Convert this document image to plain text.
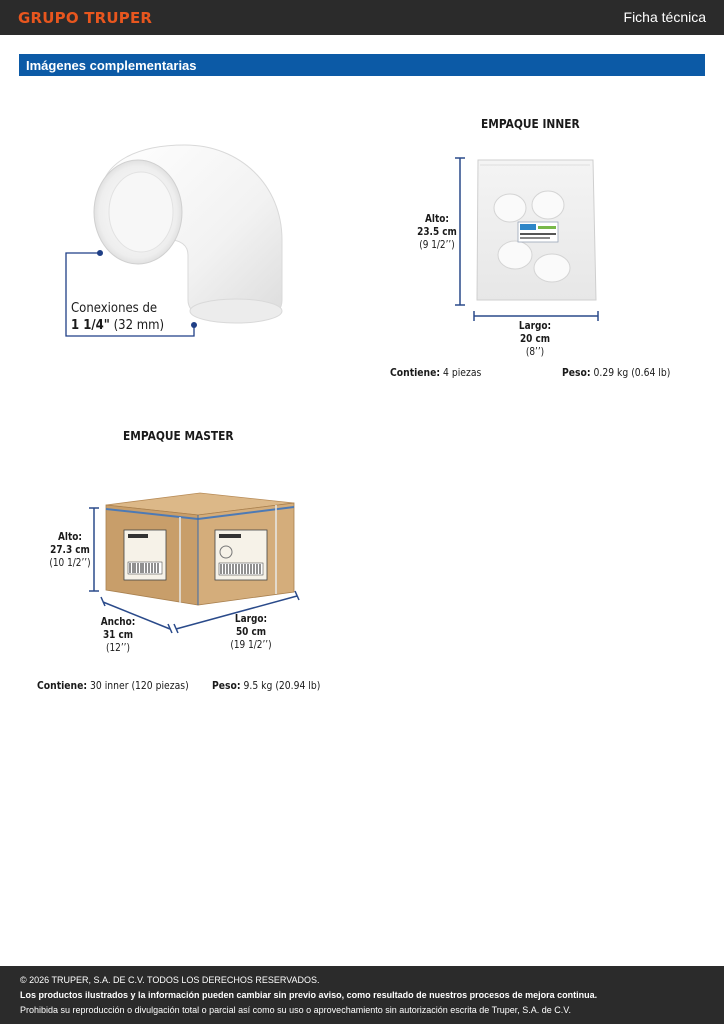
GRUPO TRUPER	Ficha técnica
Imágenes complementarias
Conexiones de
1 1/4" (32 mm)
EMPAQUE INNER
Alto:
23.5 cm
(9 1/2’’)
Largo:
20 cm
(8’’)
Contiene: 4 piezas	Peso: 0.29 kg (0.64 lb)
EMPAQUE MASTER
Alto:
27.3 cm
(10 1/2’’)
Ancho:
31 cm
(12’’)
Largo:
50 cm
(19 1/2’’)
Contiene: 30 inner (120 piezas) Peso: 9.5 kg (20.94 lb)
© 2026 TRUPER, S.A. DE C.V. TODOS LOS DERECHOS RESERVADOS.
Los productos ilustrados y la información pueden cambiar sin previo aviso, como resultado de nuestros procesos de mejora continua.
Prohibida su reproducción o divulgación total o parcial así como su uso o aprovechamiento sin autorización escrita de Truper, S.A. de C.V.
